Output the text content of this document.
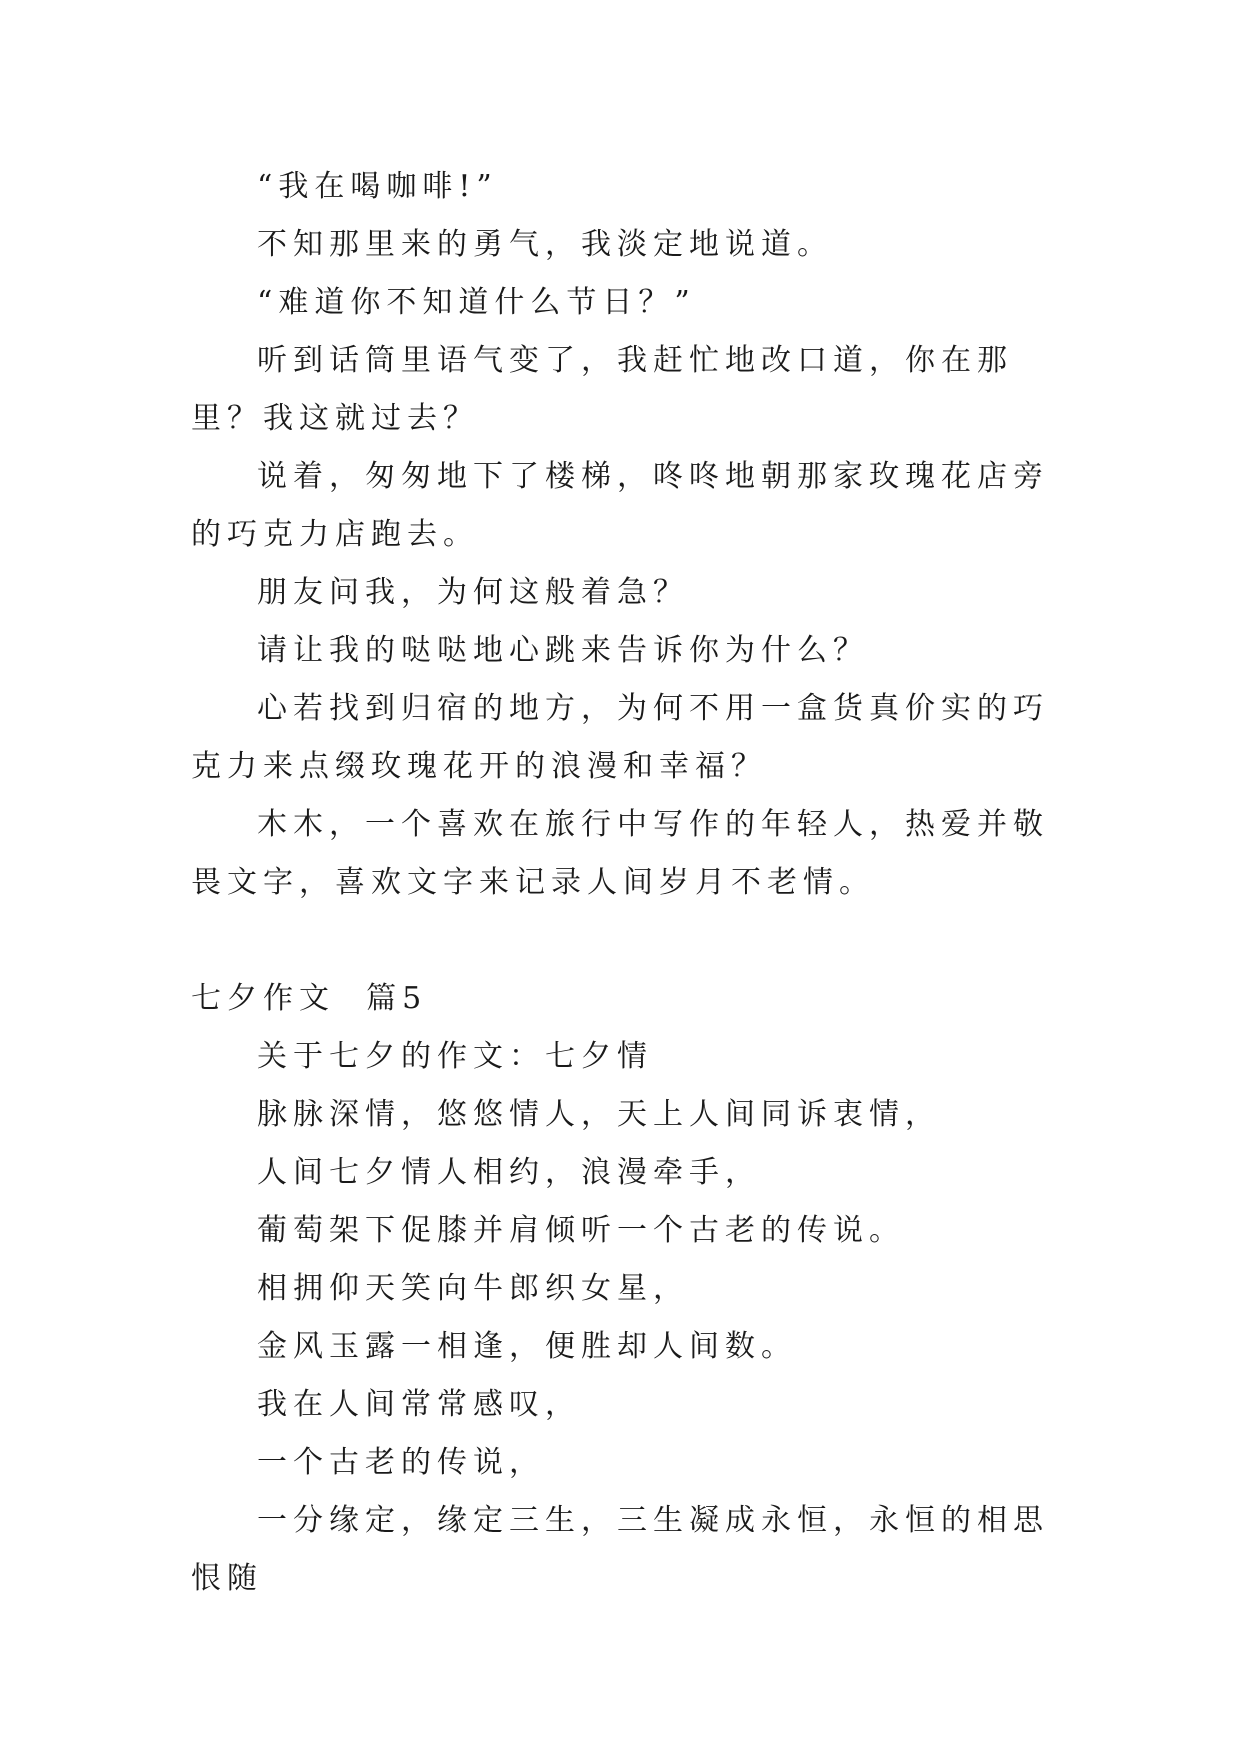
“我在喝咖啡!”

不知那里来的勇气，我淡定地说道。

“难道你不知道什么节日？”

听到话筒里语气变了，我赶忙地改口道，你在那里？我这就过去？

说着，匆匆地下了楼梯，咚咚地朝那家玫瑰花店旁的巧克力店跑去。

朋友问我，为何这般着急？

请让我的哒哒地心跳来告诉你为什么？

心若找到归宿的地方，为何不用一盒货真价实的巧克力来点缀玫瑰花开的浪漫和幸福？

木木，一个喜欢在旅行中写作的年轻人，热爱并敬畏文字，喜欢文字来记录人间岁月不老情。

七夕作文  篇5

关于七夕的作文：七夕情

脉脉深情，悠悠情人，天上人间同诉衷情，

人间七夕情人相约，浪漫牵手，

葡萄架下促膝并肩倾听一个古老的传说。

相拥仰天笑向牛郎织女星，

金风玉露一相逢，便胜却人间数。

我在人间常常感叹，

一个古老的传说，

一分缘定，缘定三生，三生凝成永恒，永恒的相思恨随
